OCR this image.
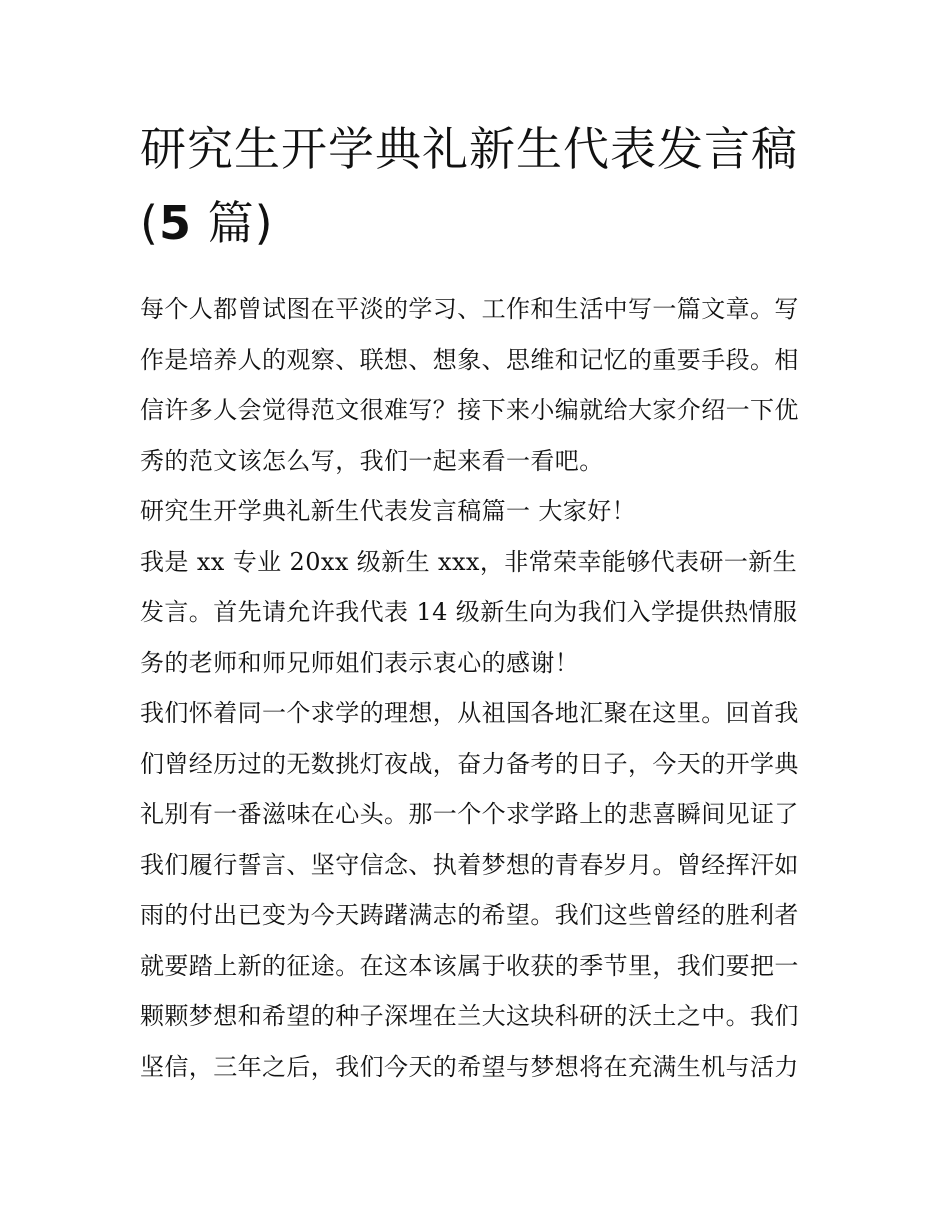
研究生开学典礼新生代表发言稿(5 篇)

每个人都曾试图在平淡的学习、工作和生活中写一篇文章。写作是培养人的观察、联想、想象、思维和记忆的重要手段。相信许多人会觉得范文很难写？接下来小编就给大家介绍一下优秀的范文该怎么写，我们一起来看一看吧。

研究生开学典礼新生代表发言稿篇一 大家好！

我是 xx 专业 20xx 级新生 xxx，非常荣幸能够代表研一新生发言。首先请允许我代表 14 级新生向为我们入学提供热情服务的老师和师兄师姐们表示衷心的感谢！

我们怀着同一个求学的理想，从祖国各地汇聚在这里。回首我们曾经历过的无数挑灯夜战，奋力备考的日子，今天的开学典礼别有一番滋味在心头。那一个个求学路上的悲喜瞬间见证了我们履行誓言、坚守信念、执着梦想的青春岁月。曾经挥汗如雨的付出已变为今天踌躇满志的希望。我们这些曾经的胜利者就要踏上新的征途。在这本该属于收获的季节里，我们要把一颗颗梦想和希望的种子深埋在兰大这块科研的沃土之中。我们坚信，三年之后，我们今天的希望与梦想将在充满生机与活力
